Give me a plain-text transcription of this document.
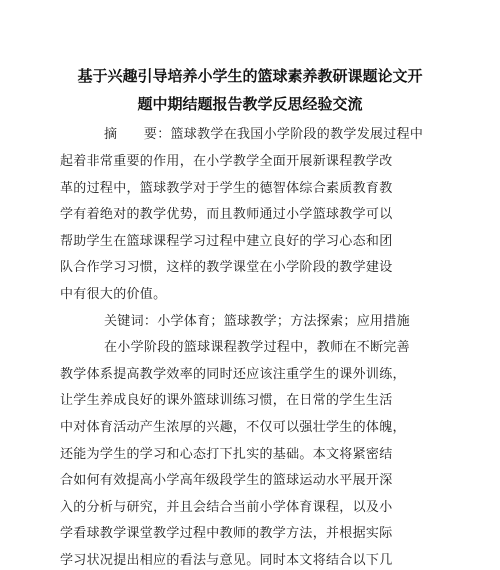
基于兴趣引导培养小学生的篮球素养教研课题论文开
题中期结题报告教学反思经验交流
摘　　要：篮球教学在我国小学阶段的教学发展过程中
起着非常重要的作用，在小学教学全面开展新课程教学改
革的过程中，篮球教学对于学生的德智体综合素质教育教
学有着绝对的教学优势，而且教师通过小学篮球教学可以
帮助学生在篮球课程学习过程中建立良好的学习心态和团
队合作学习习惯，这样的教学课堂在小学阶段的教学建设
中有很大的价值。
关键词：小学体育；篮球教学；方法探索；应用措施
在小学阶段的篮球课程教学过程中，教师在不断完善
教学体系提高教学效率的同时还应该注重学生的课外训练，
让学生养成良好的课外篮球训练习惯，在日常的学生生活
中对体育活动产生浓厚的兴趣，不仅可以强壮学生的体魄，
还能为学生的学习和心态打下扎实的基础。本文将紧密结
合如何有效提高小学高年级段学生的篮球运动水平展开深
入的分析与研究，并且会结合当前小学体育课程，以及小
学看球教学课堂教学过程中教师的教学方法，并根据实际
学习状况提出相应的看法与意见。同时本文将结合以下几
